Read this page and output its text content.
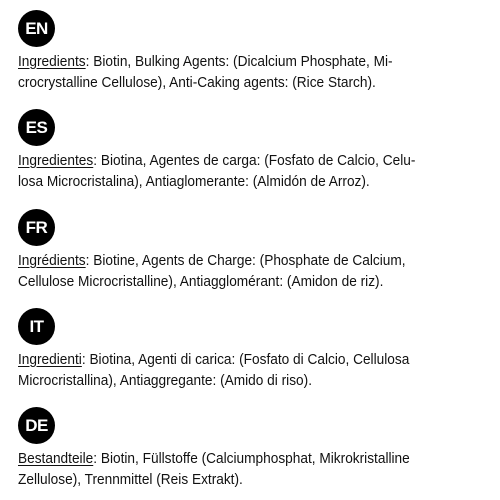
EN

Ingredients: Biotin, Bulking Agents: (Dicalcium Phosphate, Mi-
crocrystalline Cellulose), Anti-Caking agents: (Rice Starch).

ES

Ingredientes: Biotina, Agentes de carga: (Fosfato de Calcio, Celu-
losa Microcristalina), Antiaglomerante: (Almidón de Arroz).

FR

Ingrédients: Biotine, Agents de Charge: (Phosphate de Calcium,
Cellulose Microcristalline), Antiagglomérant: (Amidon de riz).

IT

Ingredienti: Biotina, Agenti di carica: (Fosfato di Calcio, Cellulosa
Microcristallina), Antiaggregante: (Amido di riso).

DE

Bestandteile: Biotin, Füllstoffe (Calciumphosphat, Mikrokristalline
Zellulose), Trennmittel (Reis Extrakt).
